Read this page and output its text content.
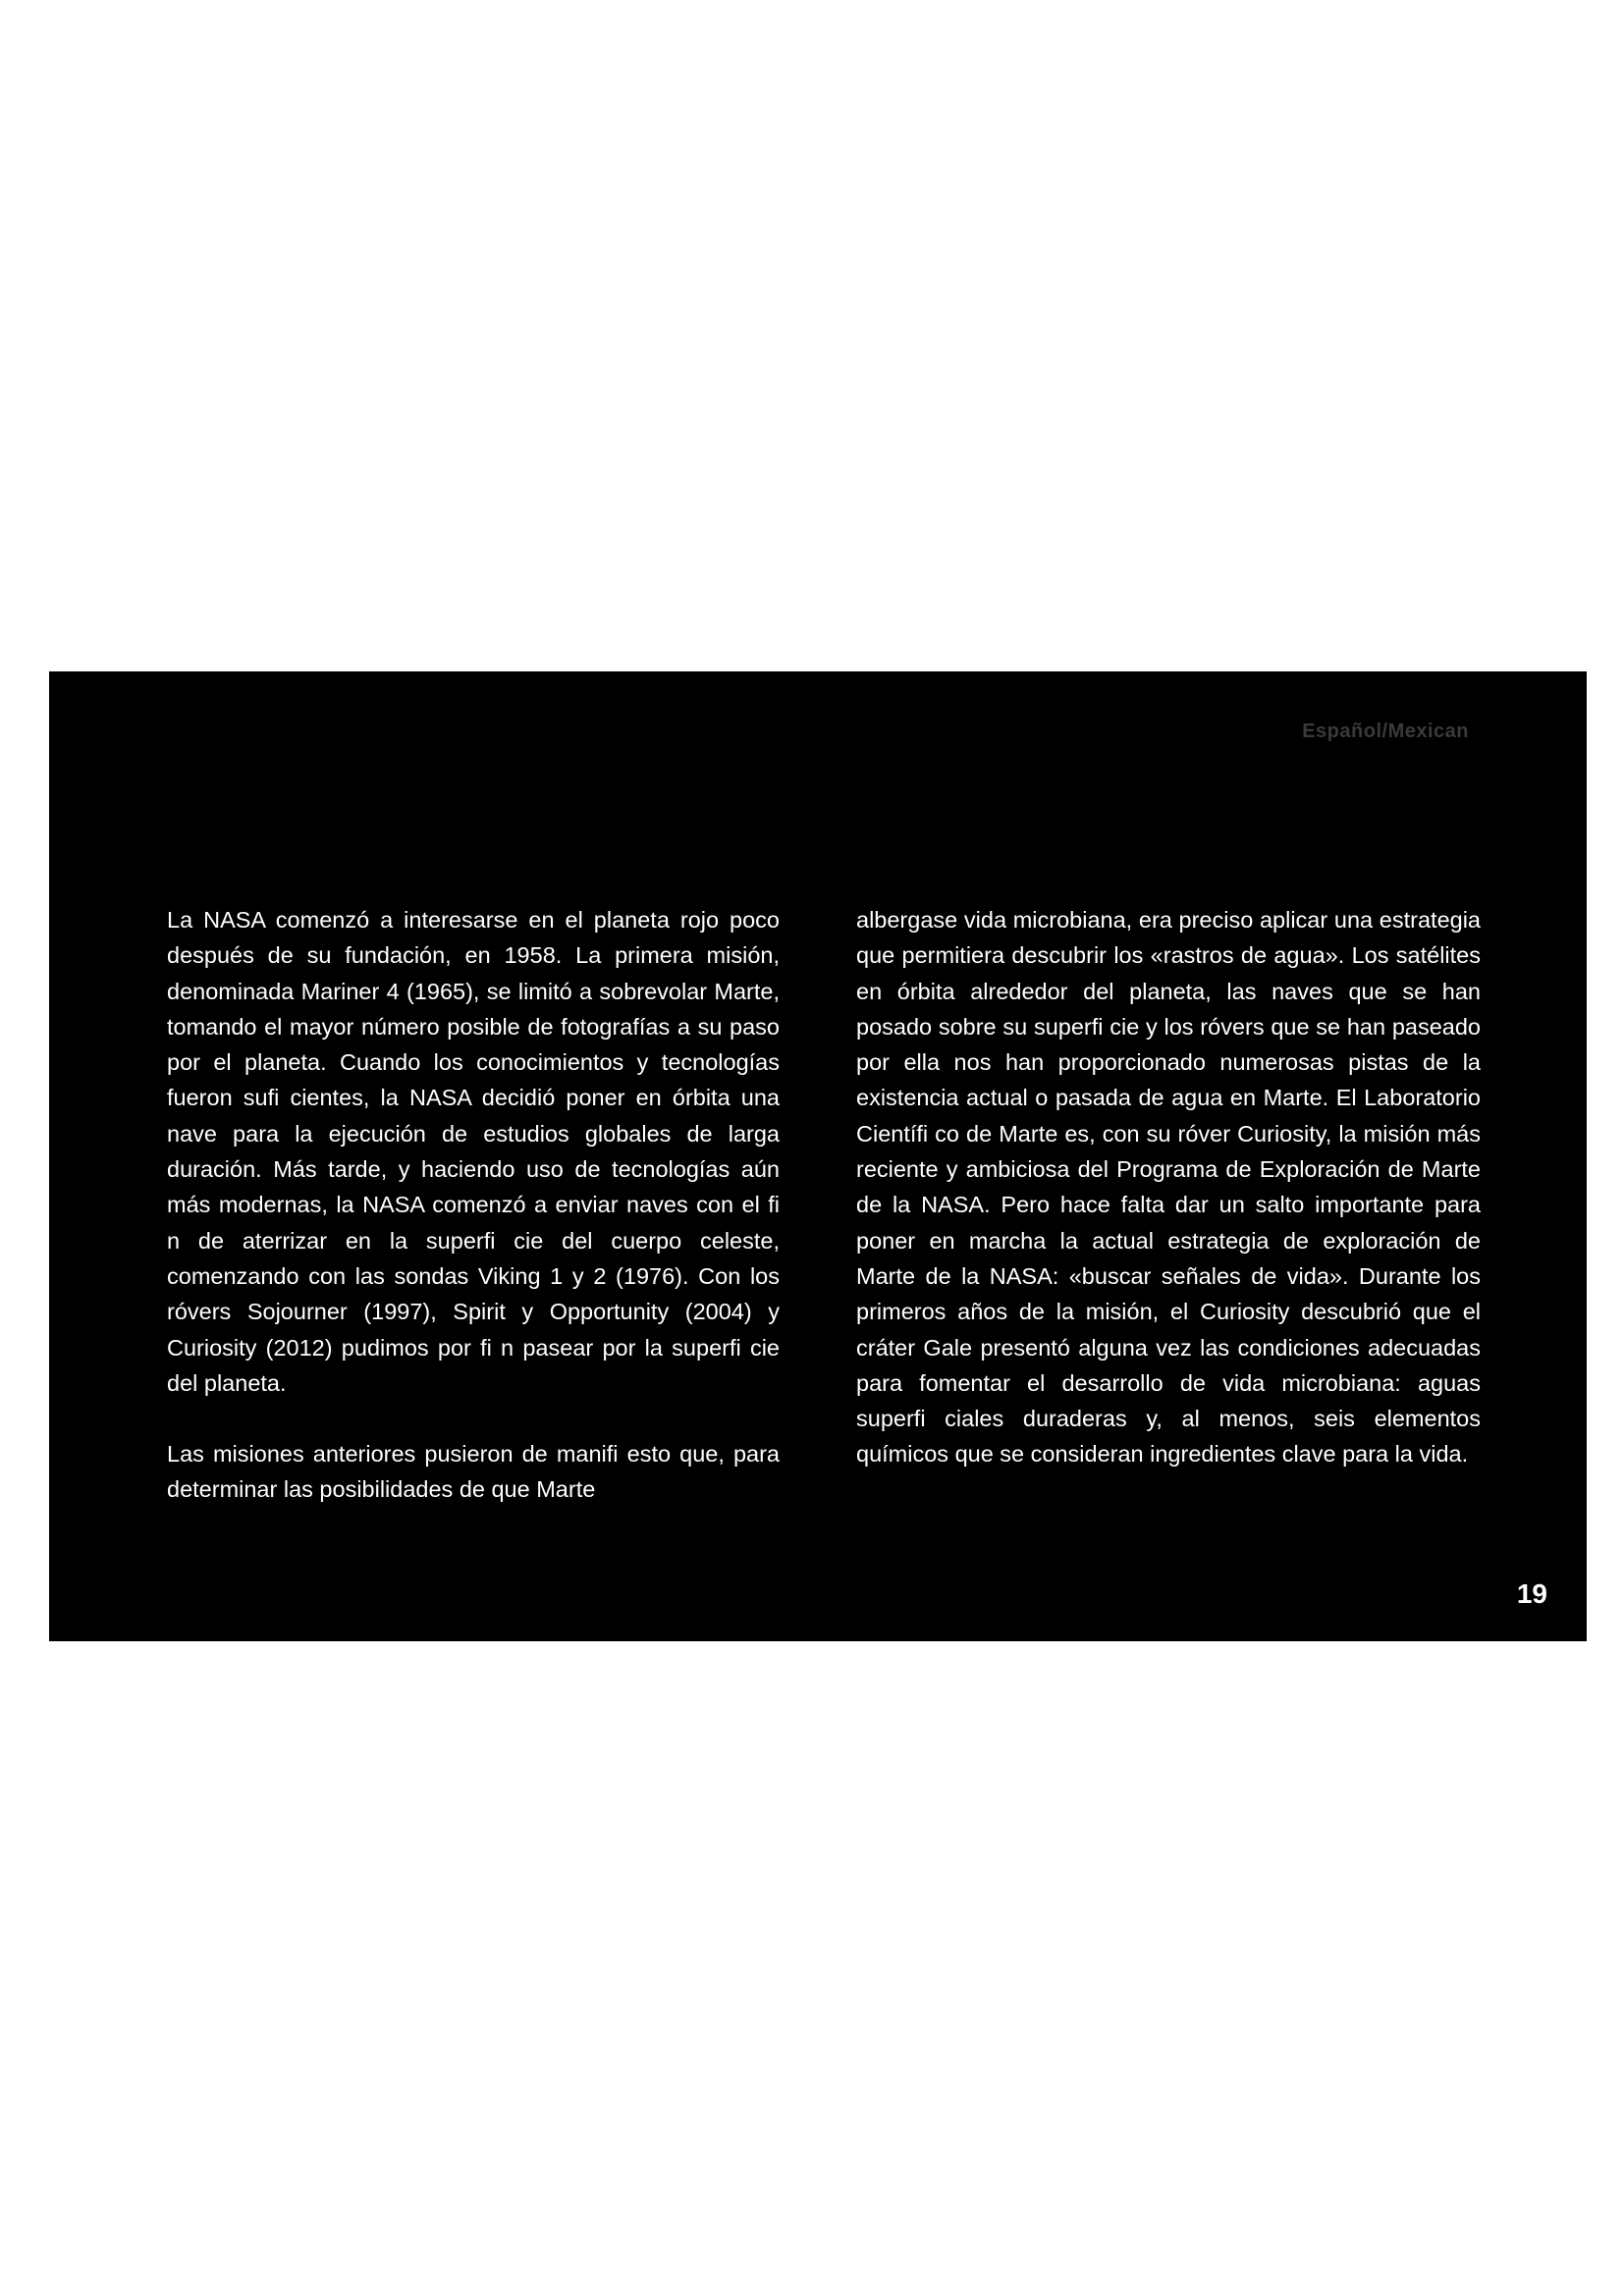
Español/Mexican

La NASA comenzó a interesarse en el planeta rojo poco después de su fundación, en 1958. La primera misión, denominada Mariner 4 (1965), se limitó a sobrevolar Marte, tomando el mayor número posible de fotografías a su paso por el planeta. Cuando los conocimientos y tecnologías fueron sufi cientes, la NASA decidió poner en órbita una nave para la ejecución de estudios globales de larga duración. Más tarde, y haciendo uso de tecnologías aún más modernas, la NASA comenzó a enviar naves con el fi n de aterrizar en la superfi cie del cuerpo celeste, comenzando con las sondas Viking 1 y 2 (1976). Con los róvers Sojourner (1997), Spirit y Opportunity (2004) y Curiosity (2012) pudimos por fi n pasear por la superfi cie del planeta.

Las misiones anteriores pusieron de manifi esto que, para determinar las posibilidades de que Marte

albergase vida microbiana, era preciso aplicar una estrategia que permitiera descubrir los «rastros de agua». Los satélites en órbita alrededor del planeta, las naves que se han posado sobre su superfi cie y los róvers que se han paseado por ella nos han proporcionado numerosas pistas de la existencia actual o pasada de agua en Marte. El Laboratorio Científi co de Marte es, con su róver Curiosity, la misión más reciente y ambiciosa del Programa de Exploración de Marte de la NASA. Pero hace falta dar un salto importante para poner en marcha la actual estrategia de exploración de Marte de la NASA: «buscar señales de vida». Durante los primeros años de la misión, el Curiosity descubrió que el cráter Gale presentó alguna vez las condiciones adecuadas para fomentar el desarrollo de vida microbiana: aguas superfi ciales duraderas y, al menos, seis elementos químicos que se consideran ingredientes clave para la vida.

19
